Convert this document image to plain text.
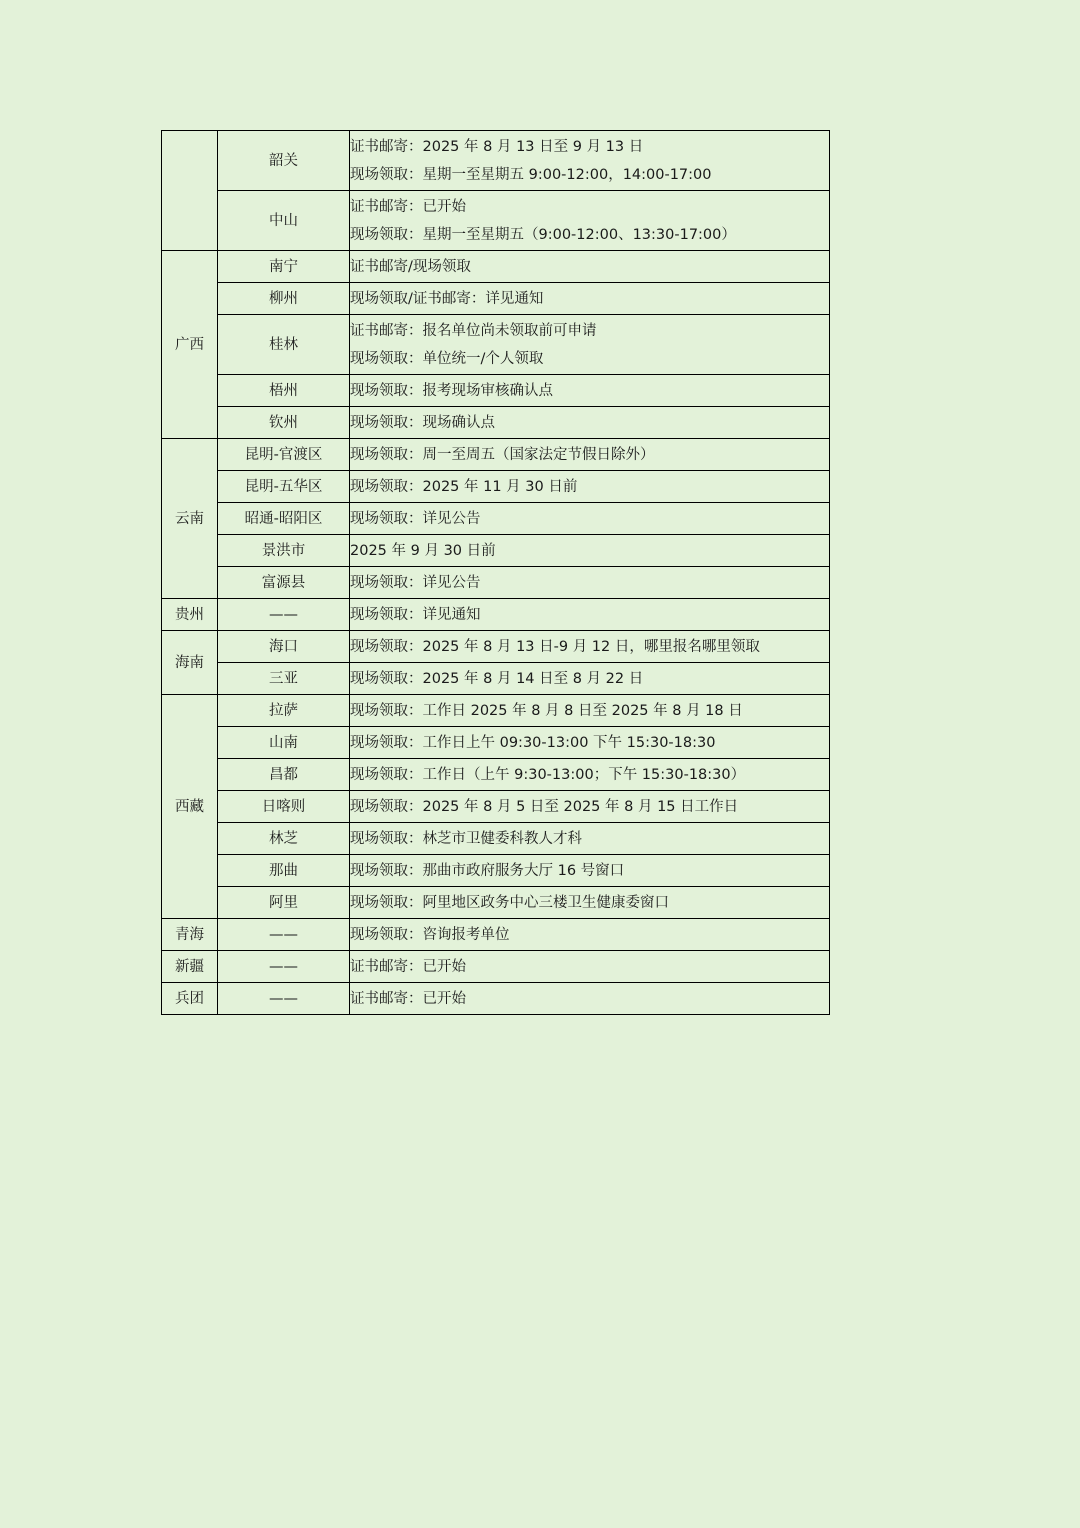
	韶关	证书邮寄：2025 年 8 月 13 日至 9 月 13 日
现场领取：星期一至星期五 9:00-12:00，14:00-17:00

	中山	证书邮寄：已开始
现场领取：星期一至星期五（9:00-12:00、13:30-17:00）

广西	南宁	证书邮寄/现场领取

	柳州	现场领取/证书邮寄：详见通知

	桂林	证书邮寄：报名单位尚未领取前可申请
现场领取：单位统一/个人领取

	梧州	现场领取：报考现场审核确认点

	钦州	现场领取：现场确认点

云南	昆明-官渡区	现场领取：周一至周五（国家法定节假日除外）

	昆明-五华区	现场领取：2025 年 11 月 30 日前

	昭通-昭阳区	现场领取：详见公告

	景洪市	2025 年 9 月 30 日前

	富源县	现场领取：详见公告

贵州	——	现场领取：详见通知

海南	海口	现场领取：2025 年 8 月 13 日-9 月 12 日，哪里报名哪里领取

	三亚	现场领取：2025 年 8 月 14 日至 8 月 22 日

西藏	拉萨	现场领取：工作日 2025 年 8 月 8 日至 2025 年 8 月 18 日

	山南	现场领取：工作日上午 09:30-13:00 下午 15:30-18:30

	昌都	现场领取：工作日（上午 9:30-13:00；下午 15:30-18:30）

	日喀则	现场领取：2025 年 8 月 5 日至 2025 年 8 月 15 日工作日

	林芝	现场领取：林芝市卫健委科教人才科

	那曲	现场领取：那曲市政府服务大厅 16 号窗口

	阿里	现场领取：阿里地区政务中心三楼卫生健康委窗口

青海	——	现场领取：咨询报考单位

新疆	——	证书邮寄：已开始

兵团	——	证书邮寄：已开始
